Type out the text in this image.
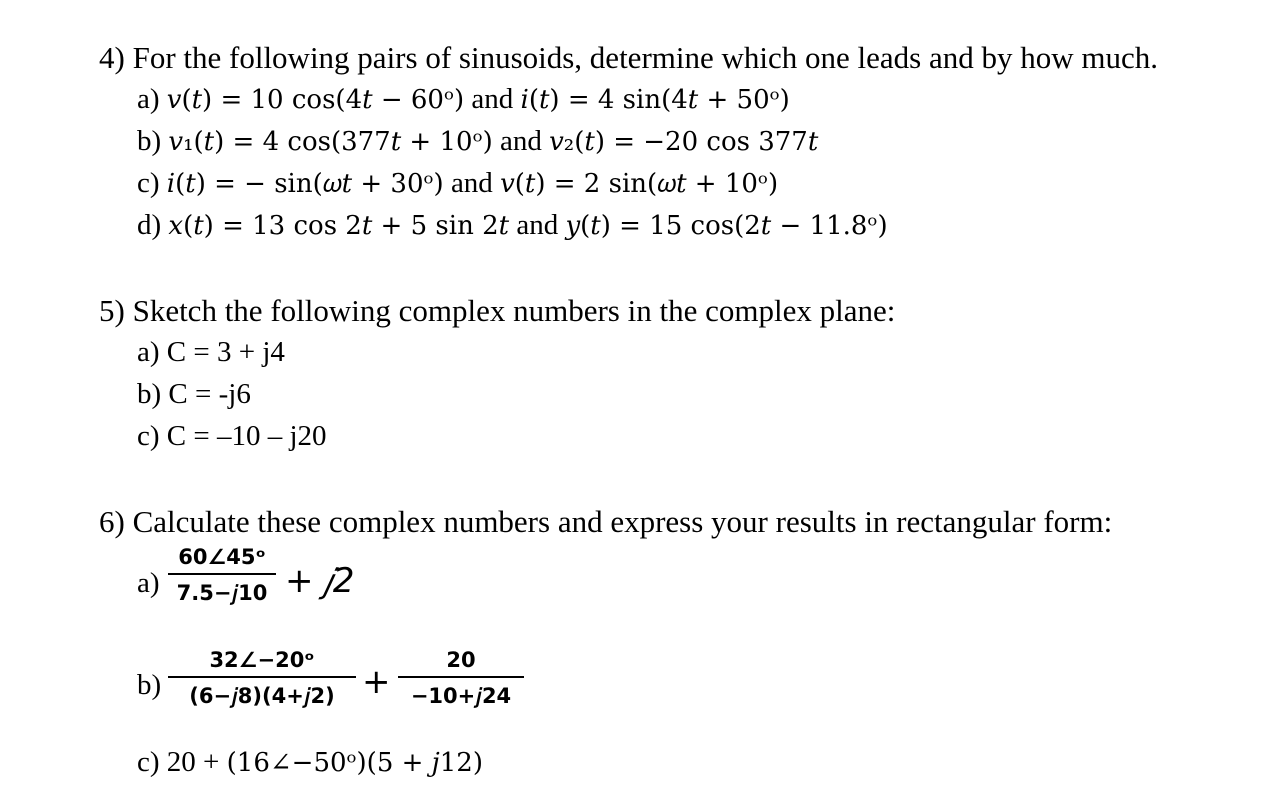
4) For the following pairs of sinusoids, determine which one leads and by how much.
a) 𝑣(𝑡) = 10 cos(4𝑡 − 60ᵒ) and 𝑖(𝑡) = 4 sin(4𝑡 + 50ᵒ)
b) 𝑣₁(𝑡) = 4 cos(377𝑡 + 10ᵒ) and 𝑣₂(𝑡) = −20 cos 377𝑡
c) 𝑖(𝑡) = − sin(𝜔𝑡 + 30ᵒ) and 𝑣(𝑡) = 2 sin(𝜔𝑡 + 10ᵒ)
d) 𝑥(𝑡) = 13 cos 2𝑡 + 5 sin 2𝑡 and 𝑦(𝑡) = 15 cos(2𝑡 − 11.8ᵒ)
5) Sketch the following complex numbers in the complex plane:
a) C = 3 + j4
b) C = -j6
c) C = –10 – j20
6) Calculate these complex numbers and express your results in rectangular form:
a)
60∠45ᵒ
7.5−𝑗10 + 𝑗2
b)
32∠−20ᵒ
(6−𝑗8)(4+𝑗2) +
20
−10+𝑗24
c) 20 + (16∠−50ᵒ)(5 + 𝑗12)
